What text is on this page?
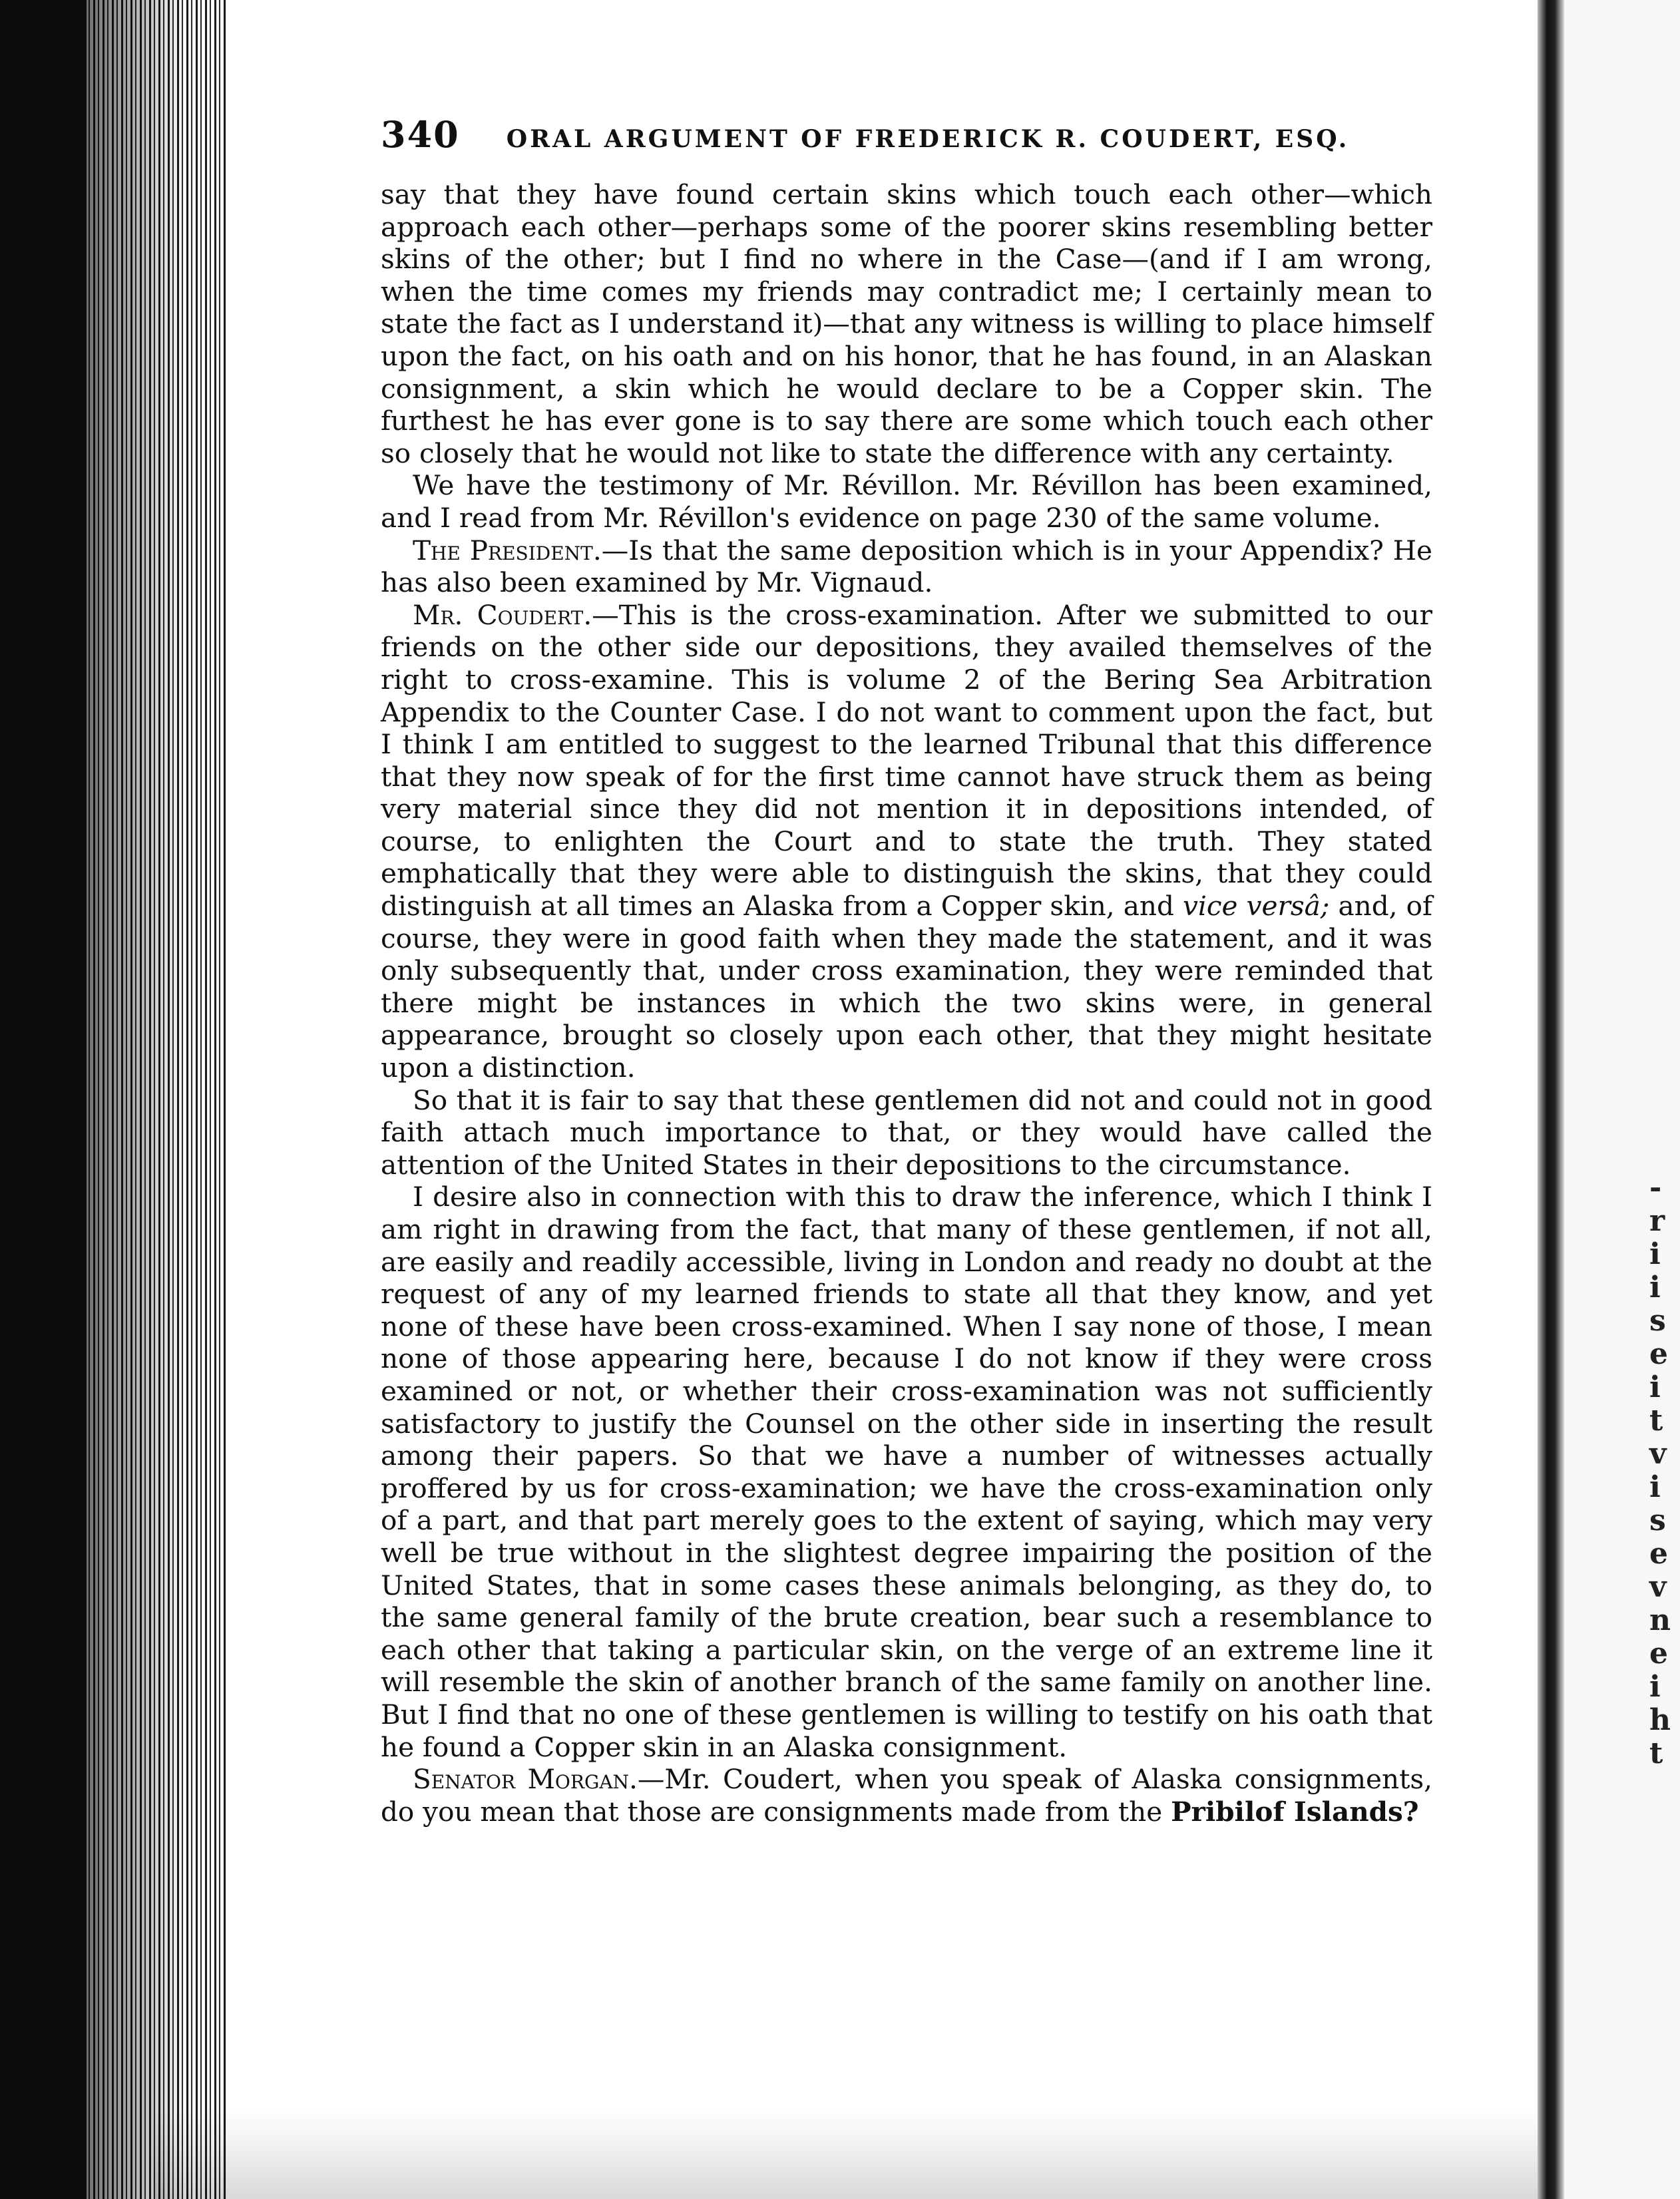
-
r
i
i
s
e
i
t
v
i
s
e
v
n
e
i
h
t
340 ORAL ARGUMENT OF FREDERICK R. COUDERT, ESQ.

say that they have found certain skins which touch each other—which approach each other—perhaps some of the poorer skins resembling better skins of the other; but I find no where in the Case—(and if I am wrong, when the time comes my friends may contradict me; I certainly mean to state the fact as I understand it)—that any witness is willing to place himself upon the fact, on his oath and on his honor, that he has found, in an Alaskan consignment, a skin which he would declare to be a Copper skin. The furthest he has ever gone is to say there are some which touch each other so closely that he would not like to state the difference with any certainty.

We have the testimony of Mr. Révillon. Mr. Révillon has been examined, and I read from Mr. Révillon's evidence on page 230 of the same volume.

The President.—Is that the same deposition which is in your Appendix? He has also been examined by Mr. Vignaud.

Mr. Coudert.—This is the cross-examination. After we submitted to our friends on the other side our depositions, they availed themselves of the right to cross-examine. This is volume 2 of the Bering Sea Arbitration Appendix to the Counter Case. I do not want to comment upon the fact, but I think I am entitled to suggest to the learned Tribunal that this difference that they now speak of for the first time cannot have struck them as being very material since they did not mention it in depositions intended, of course, to enlighten the Court and to state the truth. They stated emphatically that they were able to distinguish the skins, that they could distinguish at all times an Alaska from a Copper skin, and vice versâ; and, of course, they were in good faith when they made the statement, and it was only subsequently that, under cross examination, they were reminded that there might be instances in which the two skins were, in general appearance, brought so closely upon each other, that they might hesitate upon a distinction.

So that it is fair to say that these gentlemen did not and could not in good faith attach much importance to that, or they would have called the attention of the United States in their depositions to the circumstance.

I desire also in connection with this to draw the inference, which I think I am right in drawing from the fact, that many of these gentlemen, if not all, are easily and readily accessible, living in London and ready no doubt at the request of any of my learned friends to state all that they know, and yet none of these have been cross-examined. When I say none of those, I mean none of those appearing here, because I do not know if they were cross examined or not, or whether their cross-examination was not sufficiently satisfactory to justify the Counsel on the other side in inserting the result among their papers. So that we have a number of witnesses actually proffered by us for cross-examination; we have the cross-examination only of a part, and that part merely goes to the extent of saying, which may very well be true without in the slightest degree impairing the position of the United States, that in some cases these animals belonging, as they do, to the same general family of the brute creation, bear such a resemblance to each other that taking a particular skin, on the verge of an extreme line it will resemble the skin of another branch of the same family on another line. But I find that no one of these gentlemen is willing to testify on his oath that he found a Copper skin in an Alaska consignment.

Senator Morgan.—Mr. Coudert, when you speak of Alaska consignments, do you mean that those are consignments made from the Pribilof Islands?
